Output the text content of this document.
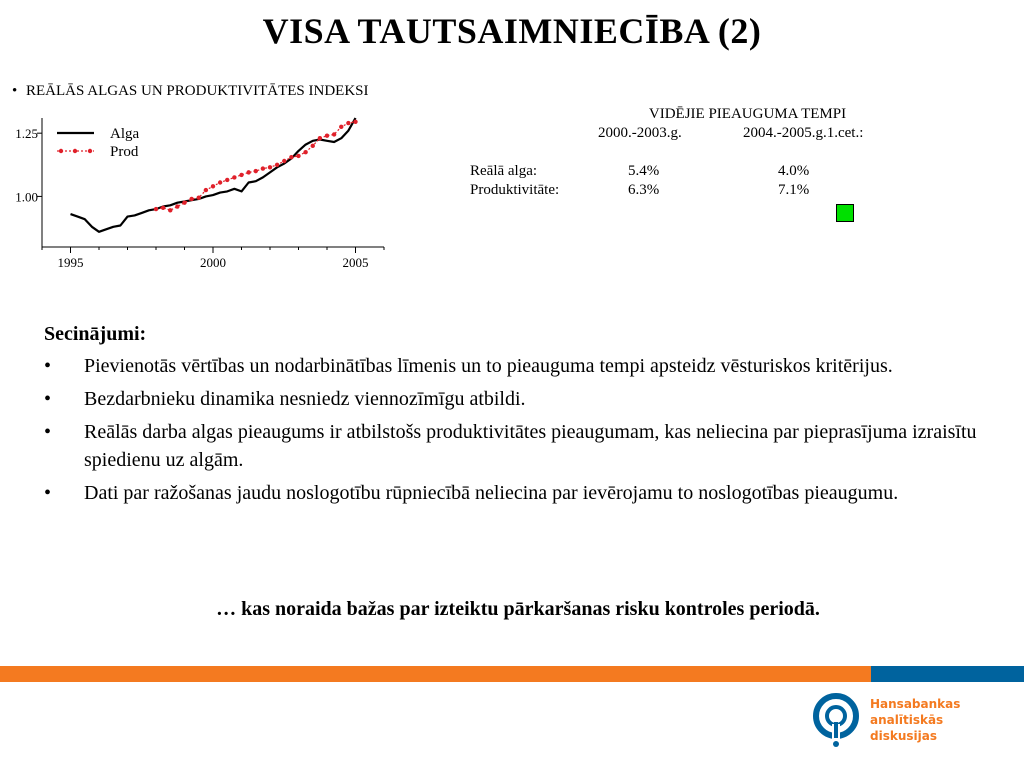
VISA TAUTSAIMNIECĪBA (2)
• REĀLĀS ALGAS UN PRODUKTIVITĀTES INDEKSI
1995	2000	2005
1.00
1.25	Alga
Prod
VIDĒJIE PIEAUGUMA TEMPI
2000.-2003.g.	2004.-2005.g.1.cet.:
Reālā alga:	5.4%	4.0%
Produktivitāte:	6.3%	7.1%
Secinājumi:
• Pievienotās vērtības un nodarbinātības līmenis un to pieauguma tempi apsteidz vēsturiskos kritērijus.
• Bezdarbnieku dinamika nesniedz viennozīmīgu atbildi.
• Reālās darba algas pieaugums ir atbilstošs produktivitātes pieaugumam, kas neliecina par pieprasījuma izraisītu spiedienu uz algām.
• Dati par ražošanas jaudu noslogotību rūpniecībā neliecina par ievērojamu to noslogotības pieaugumu.
… kas noraida bažas par izteiktu pārkaršanas risku kontroles periodā.
Hansabankas
analītiskās
diskusijas
